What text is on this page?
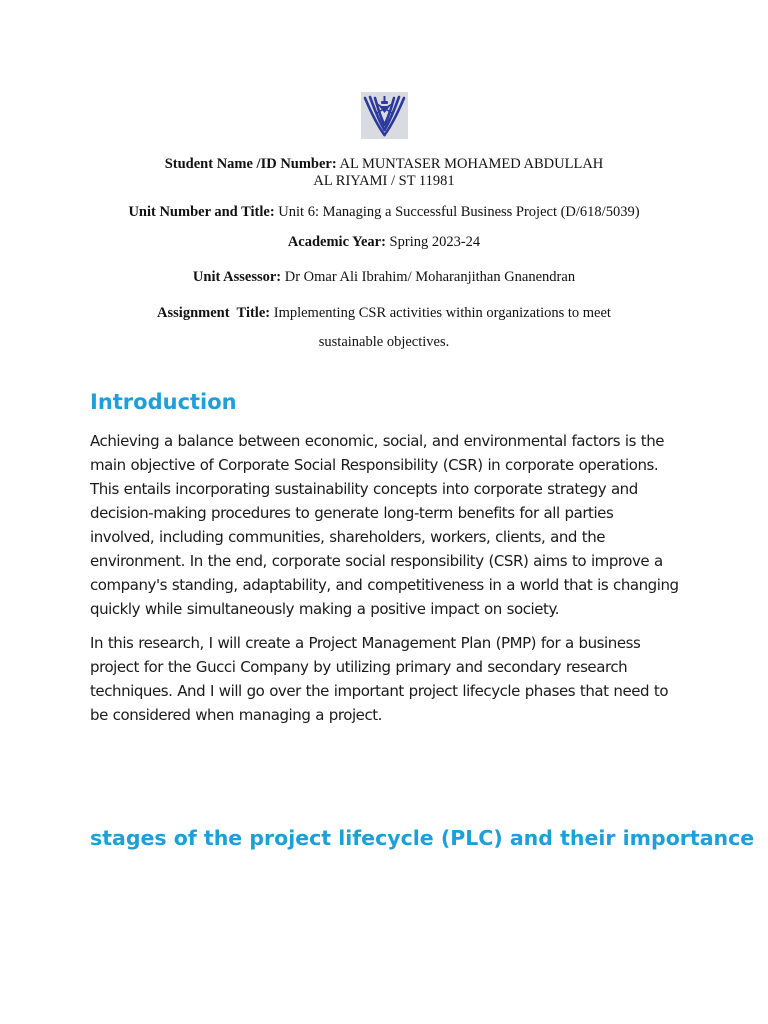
Student Name /ID Number: AL MUNTASER MOHAMED ABDULLAH
AL RIYAMI / ST 11981
Unit Number and Title: Unit 6: Managing a Successful Business Project (D/618/5039)
Academic Year: Spring 2023-24
Unit Assessor: Dr Omar Ali Ibrahim/ Moharanjithan Gnanendran
Assignment  Title: Implementing CSR activities within organizations to meet
sustainable objectives.
Introduction

Achieving a balance between economic, social, and environmental factors is the main objective of Corporate Social Responsibility (CSR) in corporate operations. This entails incorporating sustainability concepts into corporate strategy and decision-making procedures to generate long-term benefits for all parties involved, including communities, shareholders, workers, clients, and the environment. In the end, corporate social responsibility (CSR) aims to improve a company's standing, adaptability, and competitiveness in a world that is changing quickly while simultaneously making a positive impact on society.

In this research, I will create a Project Management Plan (PMP) for a business project for the Gucci Company by utilizing primary and secondary research techniques. And I will go over the important project lifecycle phases that need to be considered when managing a project.

stages of the project lifecycle (PLC) and their importance
